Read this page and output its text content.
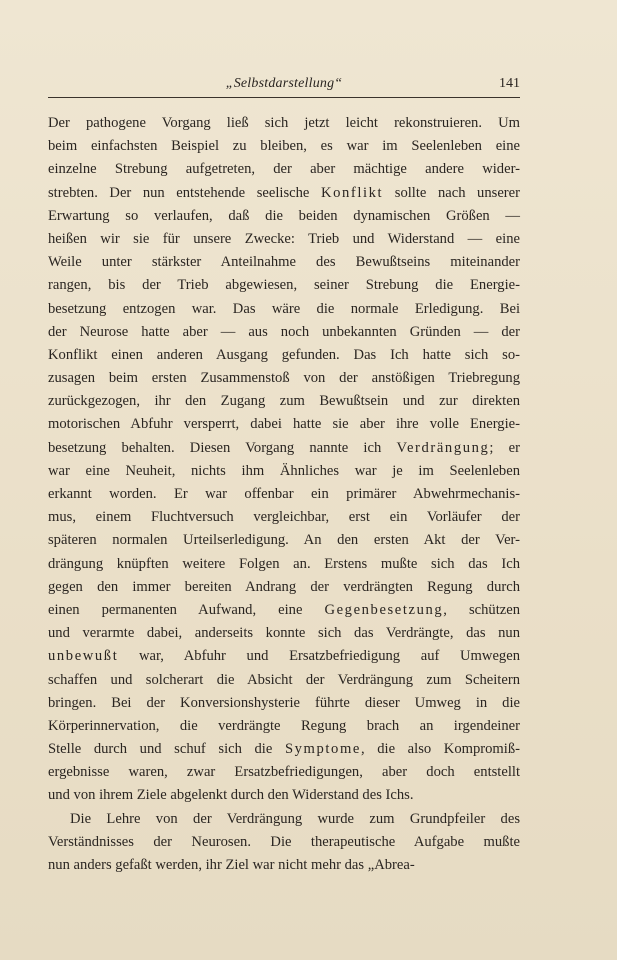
„Selbstdarstellung“	141

Der pathogene Vorgang ließ sich jetzt leicht rekonstruieren. Um
beim einfachsten Beispiel zu bleiben, es war im Seelenleben eine
einzelne Strebung aufgetreten, der aber mächtige andere wider-
strebten. Der nun entstehende seelische Konflikt sollte nach unserer
Erwartung so verlaufen, daß die beiden dynamischen Größen —
heißen wir sie für unsere Zwecke: Trieb und Widerstand — eine
Weile unter stärkster Anteilnahme des Bewußtseins miteinander
rangen, bis der Trieb abgewiesen, seiner Strebung die Energie-
besetzung entzogen war. Das wäre die normale Erledigung. Bei
der Neurose hatte aber — aus noch unbekannten Gründen — der
Konflikt einen anderen Ausgang gefunden. Das Ich hatte sich so-
zusagen beim ersten Zusammenstoß von der anstößigen Triebregung
zurückgezogen, ihr den Zugang zum Bewußtsein und zur direkten
motorischen Abfuhr versperrt, dabei hatte sie aber ihre volle Energie-
besetzung behalten. Diesen Vorgang nannte ich Verdrängung; er
war eine Neuheit, nichts ihm Ähnliches war je im Seelenleben
erkannt worden. Er war offenbar ein primärer Abwehrmechanis-
mus, einem Fluchtversuch vergleichbar, erst ein Vorläufer der
späteren normalen Urteilserledigung. An den ersten Akt der Ver-
drängung knüpften weitere Folgen an. Erstens mußte sich das Ich
gegen den immer bereiten Andrang der verdrängten Regung durch
einen permanenten Aufwand, eine Gegenbesetzung, schützen
und verarmte dabei, anderseits konnte sich das Verdrängte, das nun
unbewußt war, Abfuhr und Ersatzbefriedigung auf Umwegen
schaffen und solcherart die Absicht der Verdrängung zum Scheitern
bringen. Bei der Konversionshysterie führte dieser Umweg in die
Körperinnervation, die verdrängte Regung brach an irgendeiner
Stelle durch und schuf sich die Symptome, die also Kompromiß-
ergebnisse waren, zwar Ersatzbefriedigungen, aber doch entstellt
und von ihrem Ziele abgelenkt durch den Widerstand des Ichs.

Die Lehre von der Verdrängung wurde zum Grundpfeiler des
Verständnisses der Neurosen. Die therapeutische Aufgabe mußte
nun anders gefaßt werden, ihr Ziel war nicht mehr das „Abrea-
